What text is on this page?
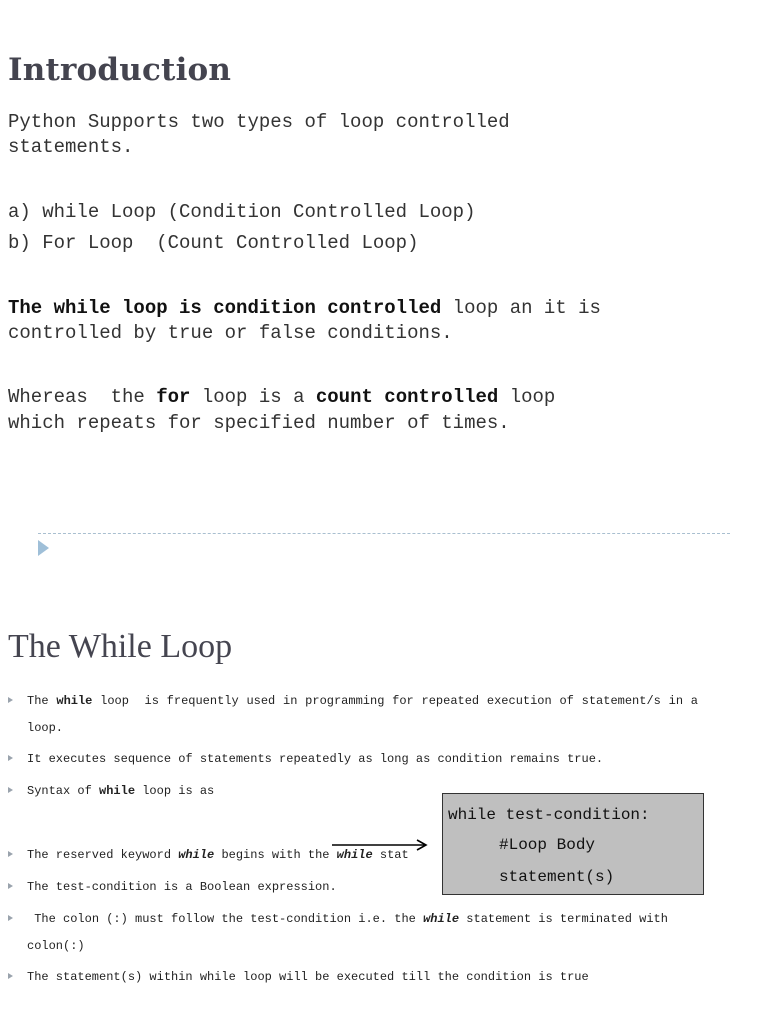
Introduction
Python Supports two types of loop controlled
statements.
a) while Loop (Condition Controlled Loop)
b) For Loop  (Count Controlled Loop)
The while loop is condition controlled loop an it is
controlled by true or false conditions.
Whereas  the for loop is a count controlled loop
which repeats for specified number of times.
The While Loop
The while loop  is frequently used in programming for repeated execution of statement/s in a loop.
It executes sequence of statements repeatedly as long as condition remains true.
Syntax of while loop is as
The reserved keyword while begins with the while stat
The test-condition is a Boolean expression.
The colon (:) must follow the test-condition i.e. the while statement is terminated with colon(:)
The statement(s) within while loop will be executed till the condition is true
while test-condition:
#Loop Body
statement(s)
